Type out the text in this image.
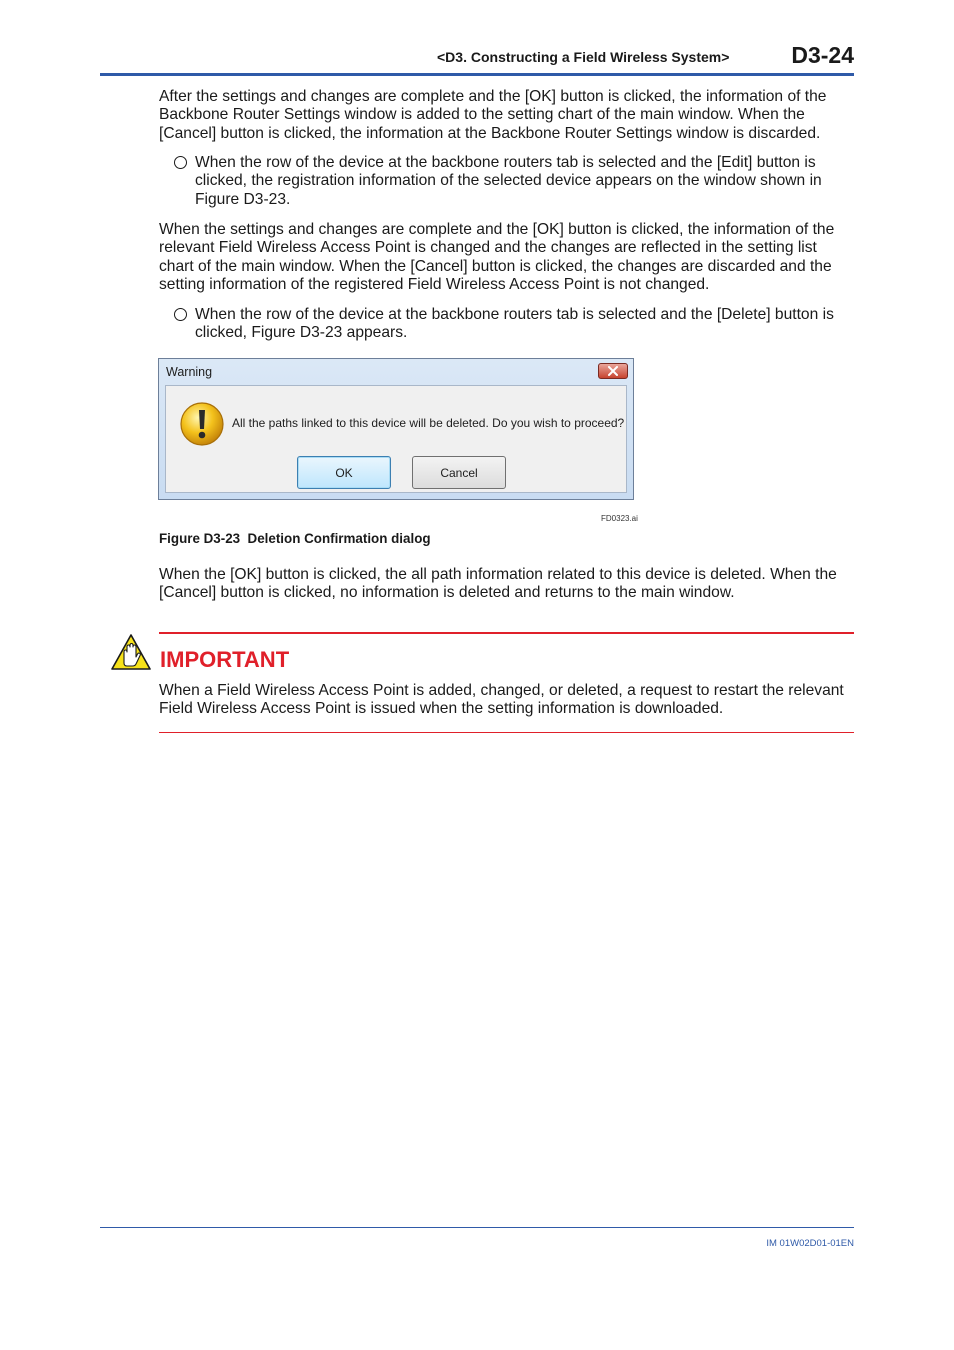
<D3. Constructing a Field Wireless System>	D3-24
After the settings and changes are complete and the [OK] button is clicked, the information of the Backbone Router Settings window is added to the setting chart of the main window. When the [Cancel] button is clicked, the information at the Backbone Router Settings window is discarded.
When the row of the device at the backbone routers tab is selected and the [Edit] button is clicked, the registration information of the selected device appears on the window shown in Figure D3-23.
When the settings and changes are complete and the [OK] button is clicked, the information of the relevant Field Wireless Access Point is changed and the changes are reflected in the setting list chart of the main window. When the [Cancel] button is clicked, the changes are discarded and the setting information of the registered Field Wireless Access Point is not changed.
When the row of the device at the backbone routers tab is selected and the [Delete] button is clicked, Figure D3-23 appears.
Warning
All the paths linked to this device will be deleted. Do you wish to proceed?
OK	Cancel
FD0323.ai
Figure D3-23  Deletion Confirmation dialog
When the [OK] button is clicked, the all path information related to this device is deleted. When the [Cancel] button is clicked, no information is deleted and returns to the main window.
IMPORTANT
When a Field Wireless Access Point is added, changed, or deleted, a request to restart the relevant Field Wireless Access Point is issued when the setting information is downloaded.
IM 01W02D01-01EN
